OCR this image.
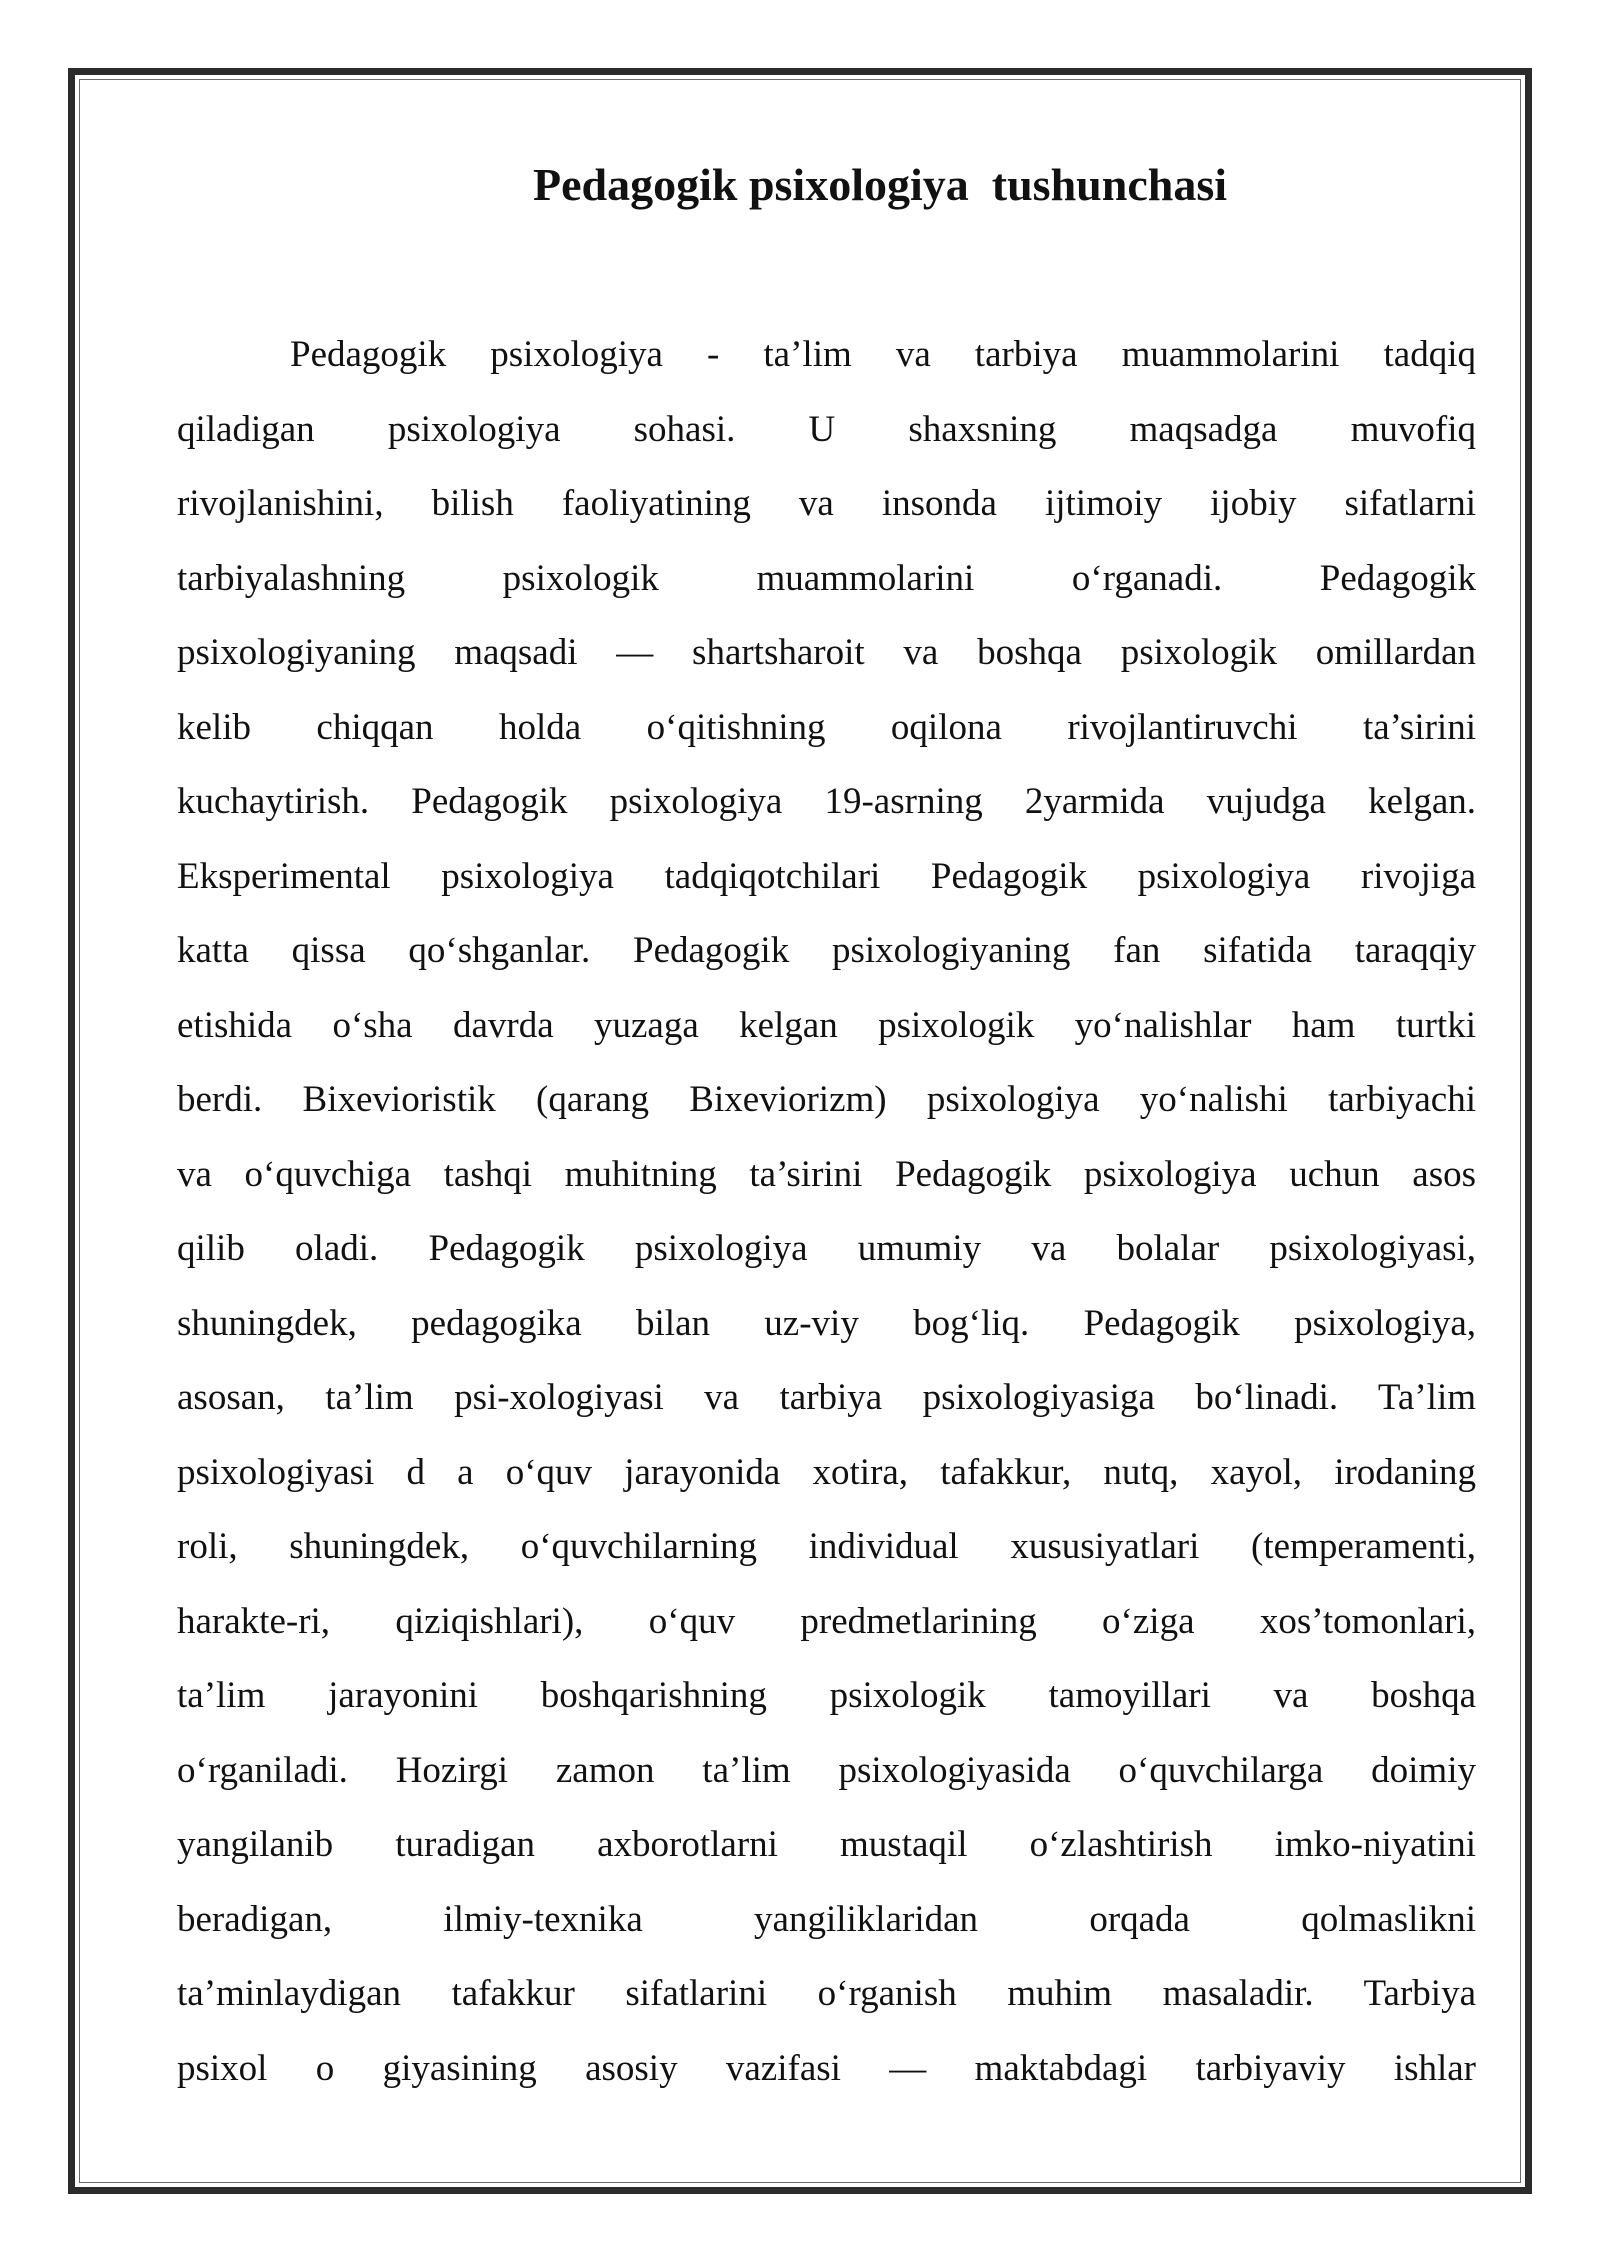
Pedagogik psixologiya  tushunchasi
Pedagogik psixologiya - ta’lim va tarbiya muammolarini tadqiq
qiladigan psixologiya sohasi. U shaxsning maqsadga muvofiq
rivojlanishini, bilish faoliyatining va insonda ijtimoiy ijobiy sifatlarni
tarbiyalashning psixologik muammolarini o‘rganadi. Pedagogik
psixologiyaning maqsadi — shartsharoit va boshqa psixologik omillardan
kelib chiqqan holda o‘qitishning oqilona rivojlantiruvchi ta’sirini
kuchaytirish. Pedagogik psixologiya 19-asrning 2yarmida vujudga kelgan.
Eksperimental psixologiya tadqiqotchilari Pedagogik psixologiya rivojiga
katta qissa qo‘shganlar. Pedagogik psixologiyaning fan sifatida taraqqiy
etishida o‘sha davrda yuzaga kelgan psixologik yo‘nalishlar ham turtki
berdi. Bixevioristik (qarang Bixeviorizm) psixologiya yo‘nalishi tarbiyachi
va o‘quvchiga tashqi muhitning ta’sirini Pedagogik psixologiya uchun asos
qilib oladi. Pedagogik psixologiya umumiy va bolalar psixologiyasi,
shuningdek, pedagogika bilan uz-viy bog‘liq. Pedagogik psixologiya,
asosan, ta’lim psi-xologiyasi va tarbiya psixologiyasiga bo‘linadi. Ta’lim
psixologiyasi d a o‘quv jarayonida xotira, tafakkur, nutq, xayol, irodaning
roli, shuningdek, o‘quvchilarning individual xususiyatlari (temperamenti,
harakte-ri, qiziqishlari), o‘quv predmetlarining o‘ziga xos’tomonlari,
ta’lim jarayonini boshqarishning psixologik tamoyillari va boshqa
o‘rganiladi. Hozirgi zamon ta’lim psixologiyasida o‘quvchilarga doimiy
yangilanib turadigan axborotlarni mustaqil o‘zlashtirish imko-niyatini
beradigan, ilmiy-texnika yangiliklaridan orqada qolmaslikni
ta’minlaydigan tafakkur sifatlarini o‘rganish muhim masaladir. Tarbiya
psixol o giyasining asosiy vazifasi — maktabdagi tarbiyaviy ishlar
